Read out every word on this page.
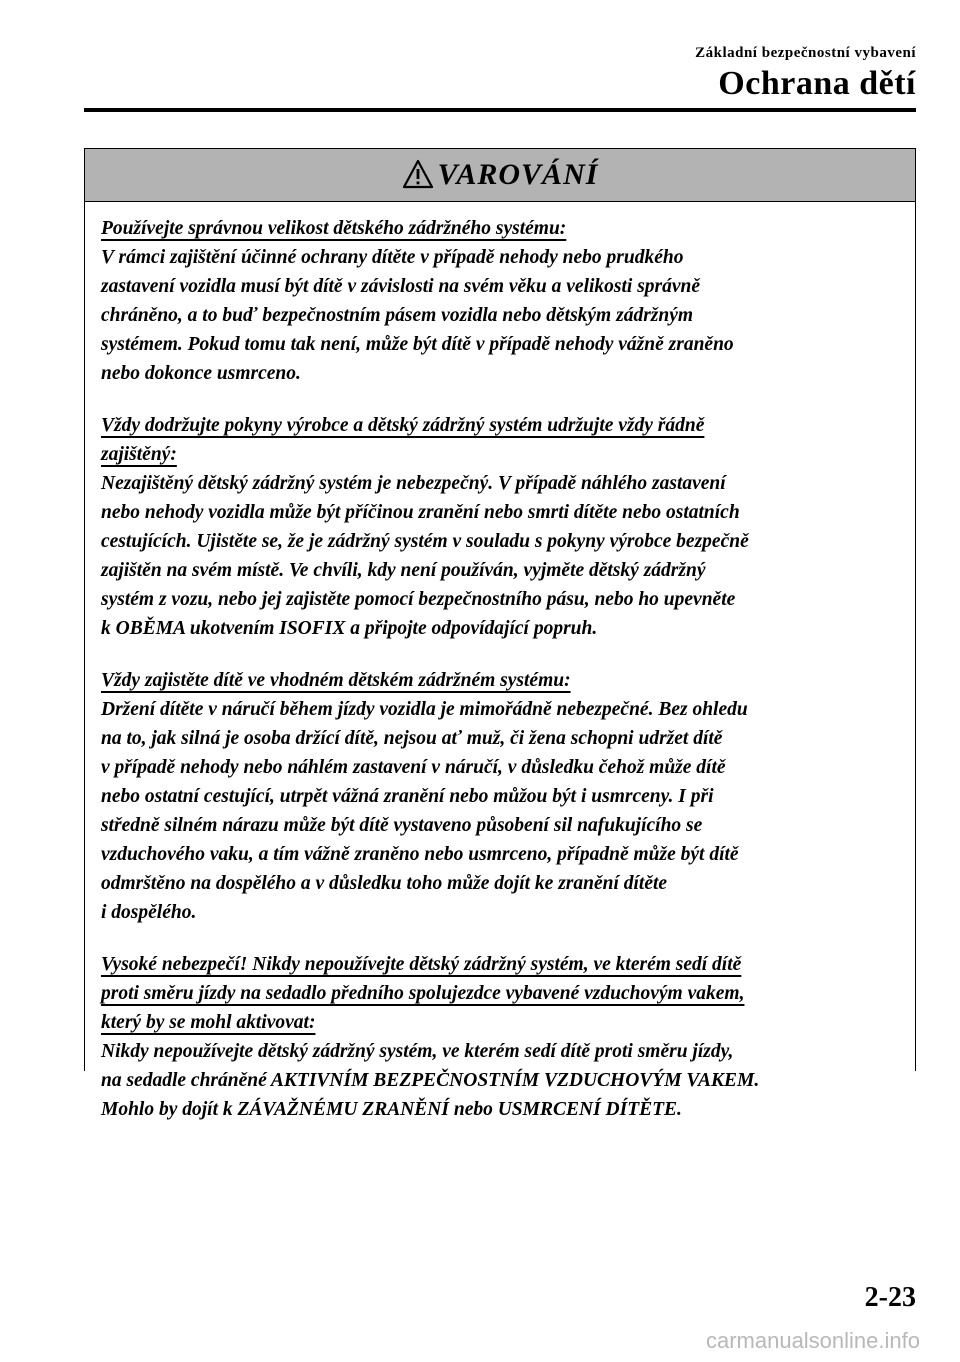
Základní bezpečnostní vybavení
Ochrana dětí
VAROVÁNÍ
Používejte správnou velikost dětského zádržného systému:
V rámci zajištění účinné ochrany dítěte v případě nehody nebo prudkého
zastavení vozidla musí být dítě v závislosti na svém věku a velikosti správně
chráněno, a to buď bezpečnostním pásem vozidla nebo dětským zádržným
systémem. Pokud tomu tak není, může být dítě v případě nehody vážně zraněno
nebo dokonce usmrceno.
Vždy dodržujte pokyny výrobce a dětský zádržný systém udržujte vždy řádně
zajištěný:
Nezajištěný dětský zádržný systém je nebezpečný. V případě náhlého zastavení
nebo nehody vozidla může být příčinou zranění nebo smrti dítěte nebo ostatních
cestujících. Ujistěte se, že je zádržný systém v souladu s pokyny výrobce bezpečně
zajištěn na svém místě. Ve chvíli, kdy není používán, vyjměte dětský zádržný
systém z vozu, nebo jej zajistěte pomocí bezpečnostního pásu, nebo ho upevněte
k OBĚMA ukotvením ISOFIX a připojte odpovídající popruh.
Vždy zajistěte dítě ve vhodném dětském zádržném systému:
Držení dítěte v náručí během jízdy vozidla je mimořádně nebezpečné. Bez ohledu
na to, jak silná je osoba držící dítě, nejsou ať muž, či žena schopni udržet dítě
v případě nehody nebo náhlém zastavení v náručí, v důsledku čehož může dítě
nebo ostatní cestující, utrpět vážná zranění nebo můžou být i usmrceny. I při
středně silném nárazu může být dítě vystaveno působení sil nafukujícího se
vzduchového vaku, a tím vážně zraněno nebo usmrceno, případně může být dítě
odmrštěno na dospělého a v důsledku toho může dojít ke zranění dítěte
i dospělého.
Vysoké nebezpečí! Nikdy nepoužívejte dětský zádržný systém, ve kterém sedí dítě
proti směru jízdy na sedadlo předního spolujezdce vybavené vzduchovým vakem,
který by se mohl aktivovat:
Nikdy nepoužívejte dětský zádržný systém, ve kterém sedí dítě proti směru jízdy,
na sedadle chráněné AKTIVNÍM BEZPEČNOSTNÍM VZDUCHOVÝM VAKEM.
Mohlo by dojít k ZÁVAŽNÉMU ZRANĚNÍ nebo USMRCENÍ DÍTĚTE.
2-23
carmanualsonline.info
